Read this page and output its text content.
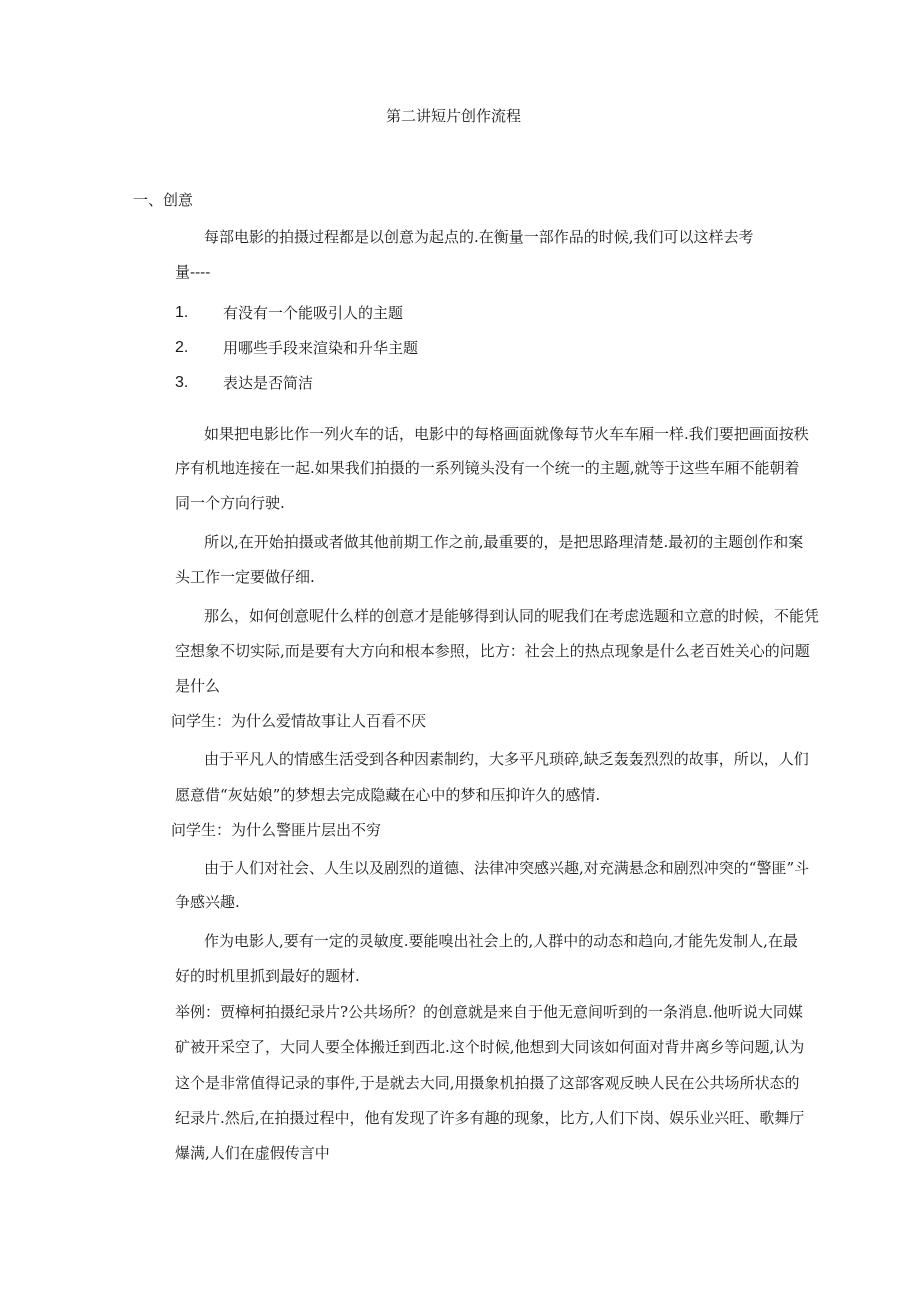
第二讲短片创作流程

一、创意

每部电影的拍摄过程都是以创意为起点的.在衡量一部作品的时候,我们可以这样去考

量----

1. 有没有一个能吸引人的主题
2. 用哪些手段来渲染和升华主题
3. 表达是否简洁

如果把电影比作一列火车的话，电影中的每格画面就像每节火车车厢一样.我们要把画面按秩

序有机地连接在一起.如果我们拍摄的一系列镜头没有一个统一的主题,就等于这些车厢不能朝着

同一个方向行驶.

所以,在开始拍摄或者做其他前期工作之前,最重要的，是把思路理清楚.最初的主题创作和案

头工作一定要做仔细.

那么，如何创意呢什么样的创意才是能够得到认同的呢我们在考虑选题和立意的时候，不能凭

空想象不切实际,而是要有大方向和根本参照，比方：社会上的热点现象是什么老百姓关心的问题

是什么

问学生：为什么爱情故事让人百看不厌

由于平凡人的情感生活受到各种因素制约，大多平凡琐碎,缺乏轰轰烈烈的故事，所以，人们

愿意借“灰姑娘”的梦想去完成隐藏在心中的梦和压抑许久的感情.

问学生：为什么警匪片层出不穷

由于人们对社会、人生以及剧烈的道德、法律冲突感兴趣,对充满悬念和剧烈冲突的“警匪”斗

争感兴趣.

作为电影人,要有一定的灵敏度.要能嗅出社会上的,人群中的动态和趋向,才能先发制人,在最

好的时机里抓到最好的题材.

举例：贾樟柯拍摄纪录片?公共场所？的创意就是来自于他无意间听到的一条消息.他听说大同媒

矿被开采空了，大同人要全体搬迁到西北.这个时候,他想到大同该如何面对背井离乡等问题,认为

这个是非常值得记录的事件,于是就去大同,用摄象机拍摄了这部客观反映人民在公共场所状态的

纪录片.然后,在拍摄过程中，他有发现了许多有趣的现象，比方,人们下岗、娱乐业兴旺、歌舞厅

爆满,人们在虚假传言中
